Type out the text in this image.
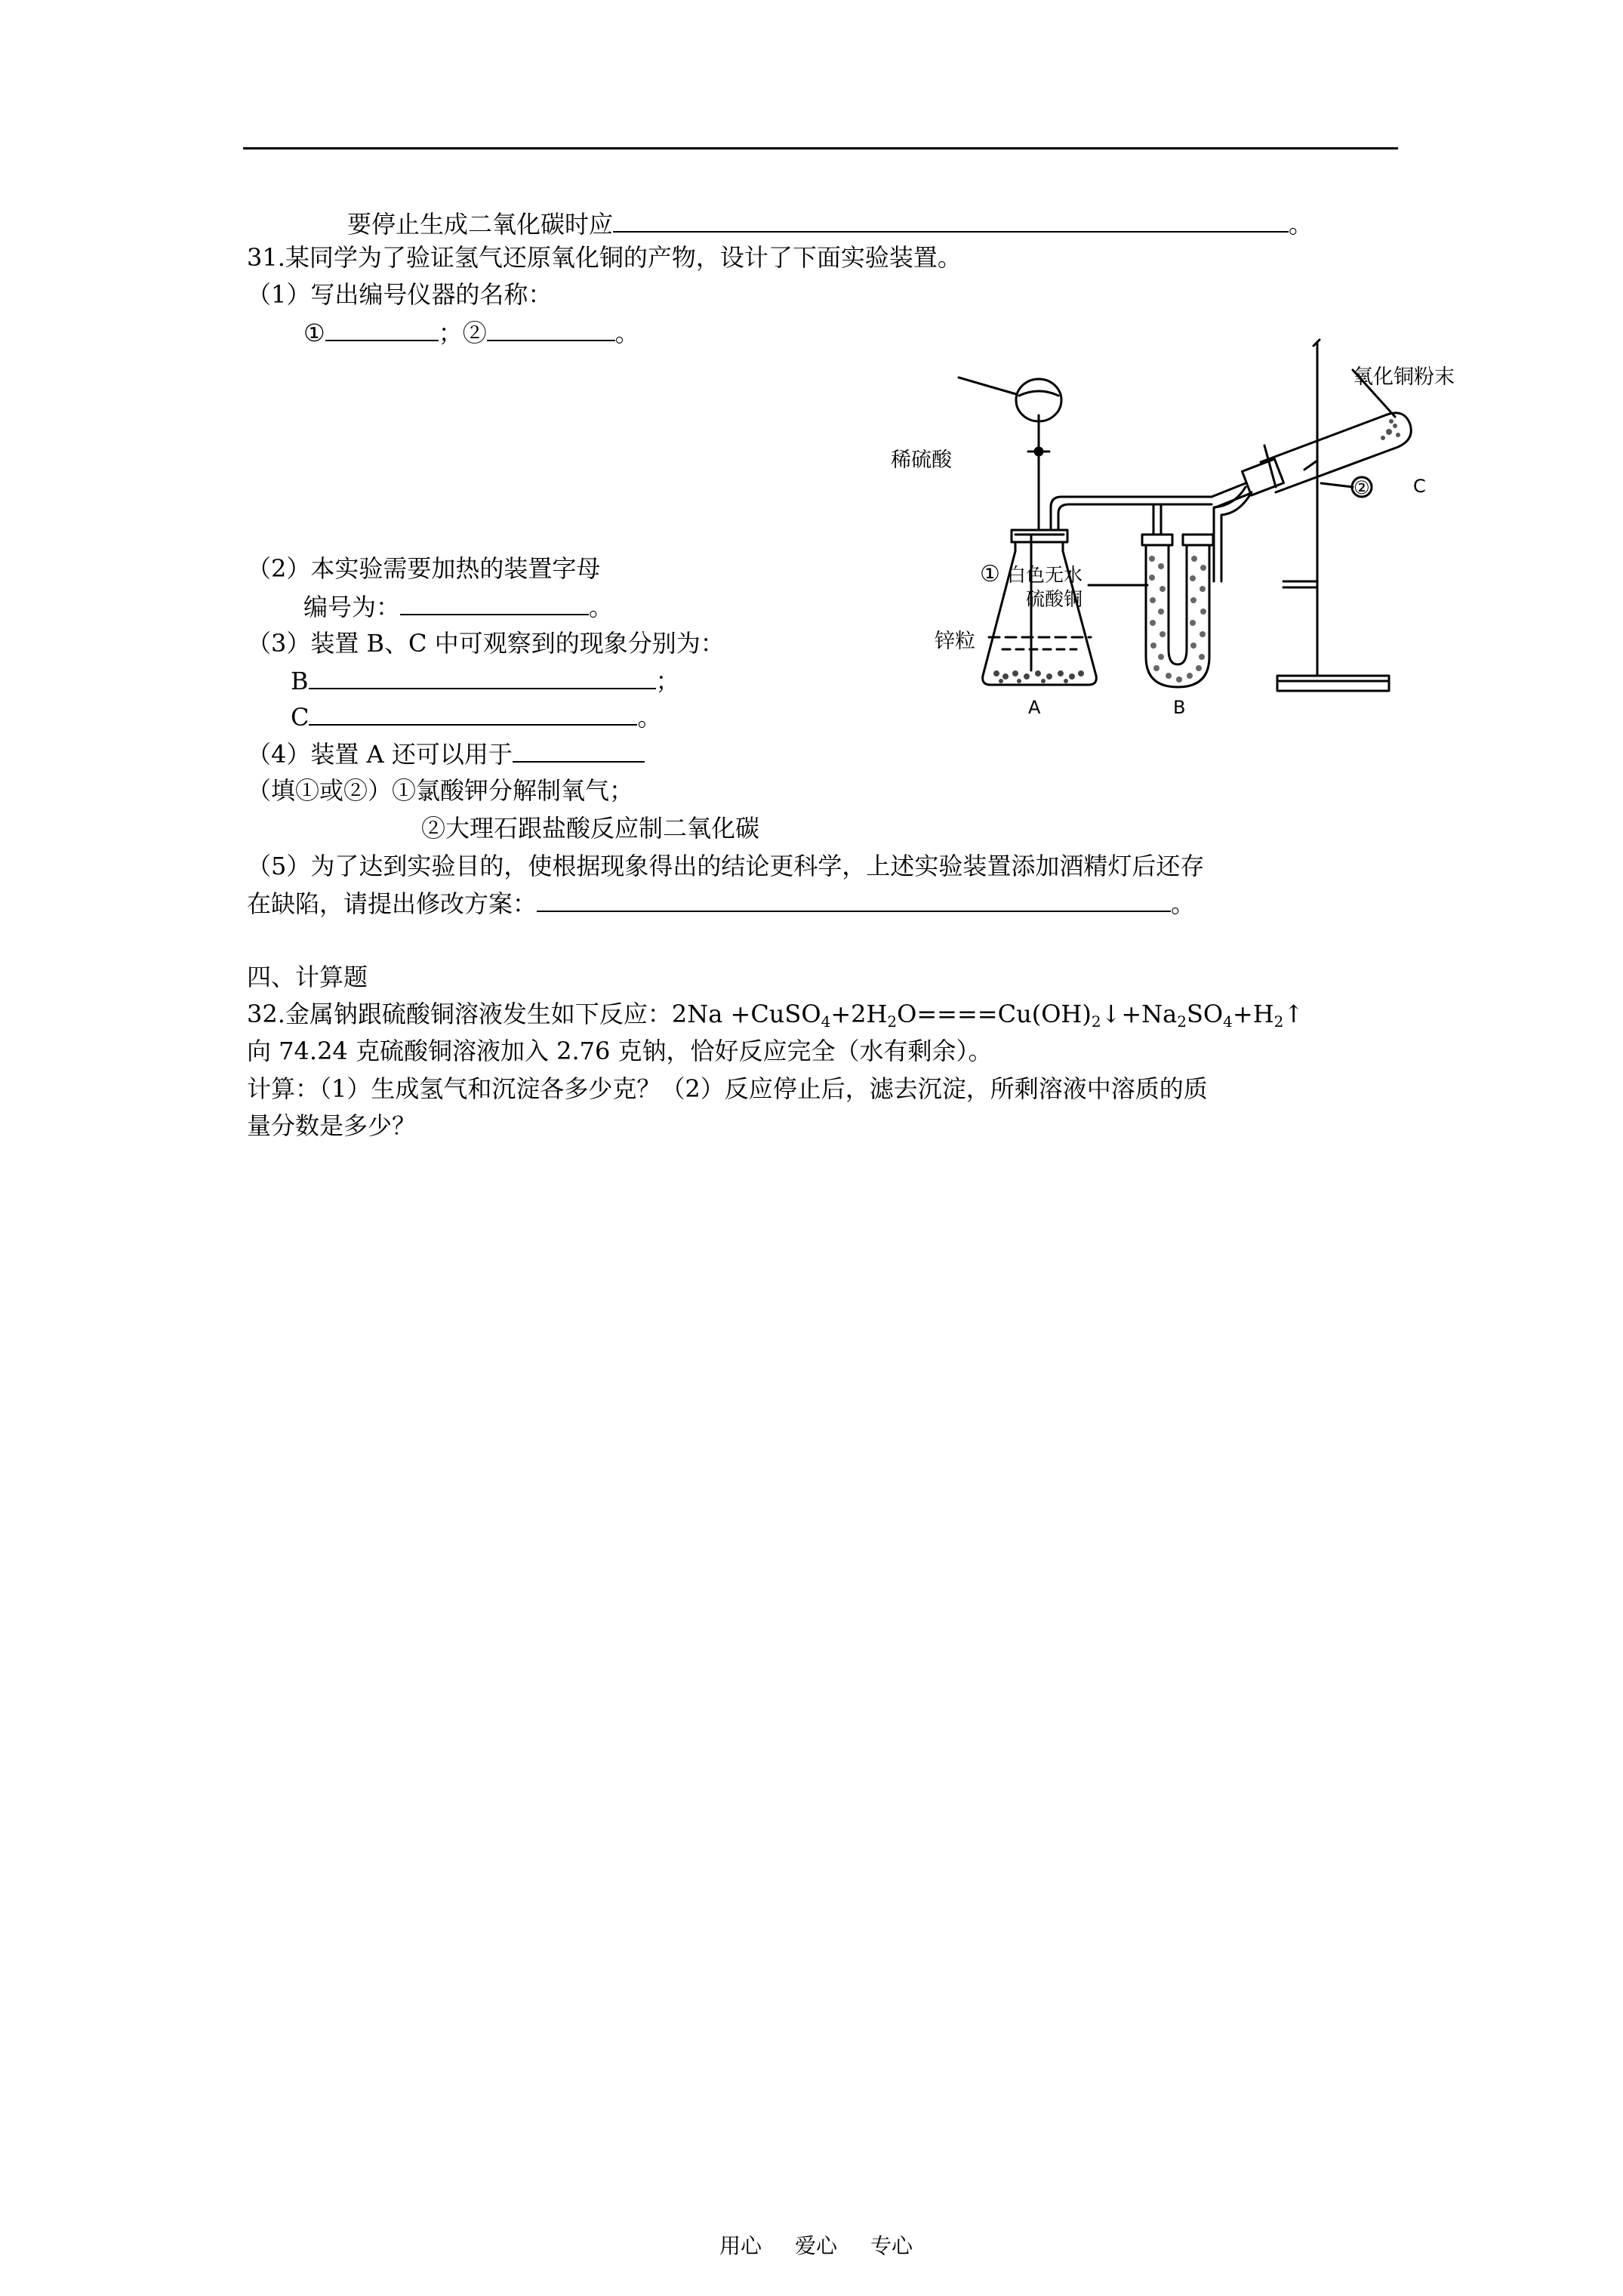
要停止生成二氧化碳时应	。
31.某同学为了验证氢气还原氧化铜的产物，设计了下面实验装置。
（1）写出编号仪器的名称：
①	；②	。
（2）本实验需要加热的装置字母
编号为：	。
（3）装置 B、C 中可观察到的现象分别为：
B	；
C	。
（4）装置 A 还可以用于
（填①或②）①氯酸钾分解制氧气；
②大理石跟盐酸反应制二氧化碳
（5）为了达到实验目的，使根据现象得出的结论更科学，上述实验装置添加酒精灯后还存
在缺陷，请提出修改方案：	。
四、计算题
32.金属钠跟硫酸铜溶液发生如下反应：$2Na +CuSO_4+2H_2O====Cu(OH)_2↓+Na_2SO_4+H_2↑$
向 74.24 克硫酸铜溶液加入 2.76 克钠，恰好反应完全（水有剩余）。
计算：（1）生成氢气和沉淀各多少克？（2）反应停止后，滤去沉淀，所剩溶液中溶质的质
量分数是多少？
氧化铜粉末
稀硫酸
C
②
①
锌粒
白色无水
硫酸铜
A	B
用心 爱心 专心
